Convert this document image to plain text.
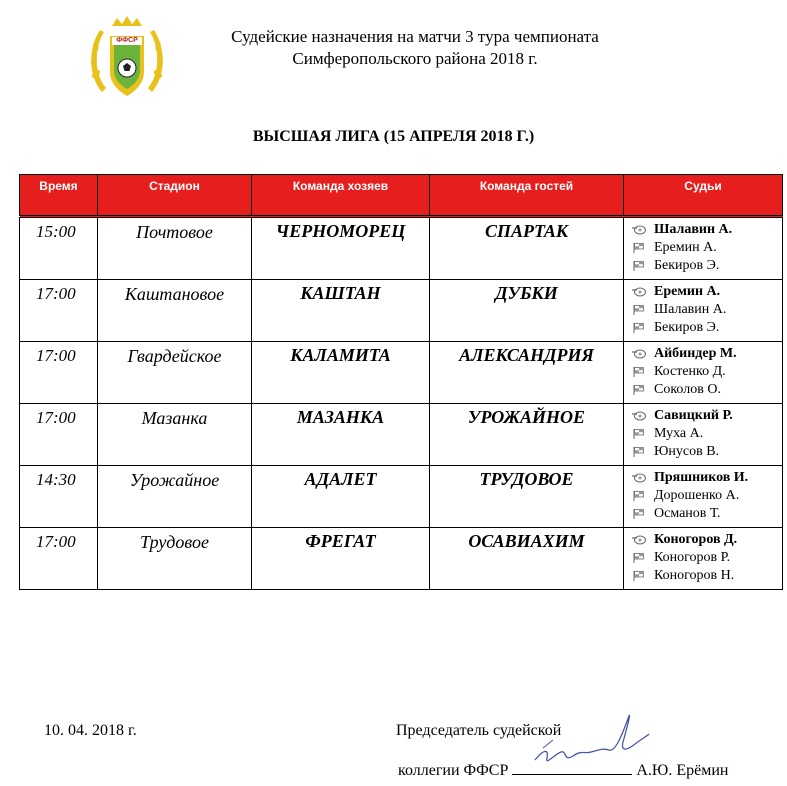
ФФСР	Судейские назначения на матчи 3 тура чемпионата
Симферопольского района 2018 г.
ВЫСШАЯ ЛИГА (15 АПРЕЛЯ 2018 Г.)
Время	Стадион	Команда хозяев	Команда гостей	Судьи
15:00	Почтовое	ЧЕРНОМОРЕЦ	СПАРТАК	Шалавин А.
Еремин А.
Бекиров Э.

17:00	Каштановое	КАШТАН	ДУБКИ	Еремин А.
Шалавин А.
Бекиров Э.

17:00	Гвардейское	КАЛАМИТА	АЛЕКСАНДРИЯ	Айбиндер М.
Костенко Д.
Соколов О.

17:00	Мазанка	МАЗАНКА	УРОЖАЙНОЕ	Савицкий Р.
Муха А.
Юнусов В.

14:30	Урожайное	АДАЛЕТ	ТРУДОВОЕ	Пряшников И.
Дорошенко А.
Османов Т.

17:00	Трудовое	ФРЕГАТ	ОСАВИАХИМ	Коногоров Д.
Коногоров Р.
Коногоров Н.
10. 04. 2018 г.	Председатель судейской
коллегии ФФСР	А.Ю. Ерёмин
